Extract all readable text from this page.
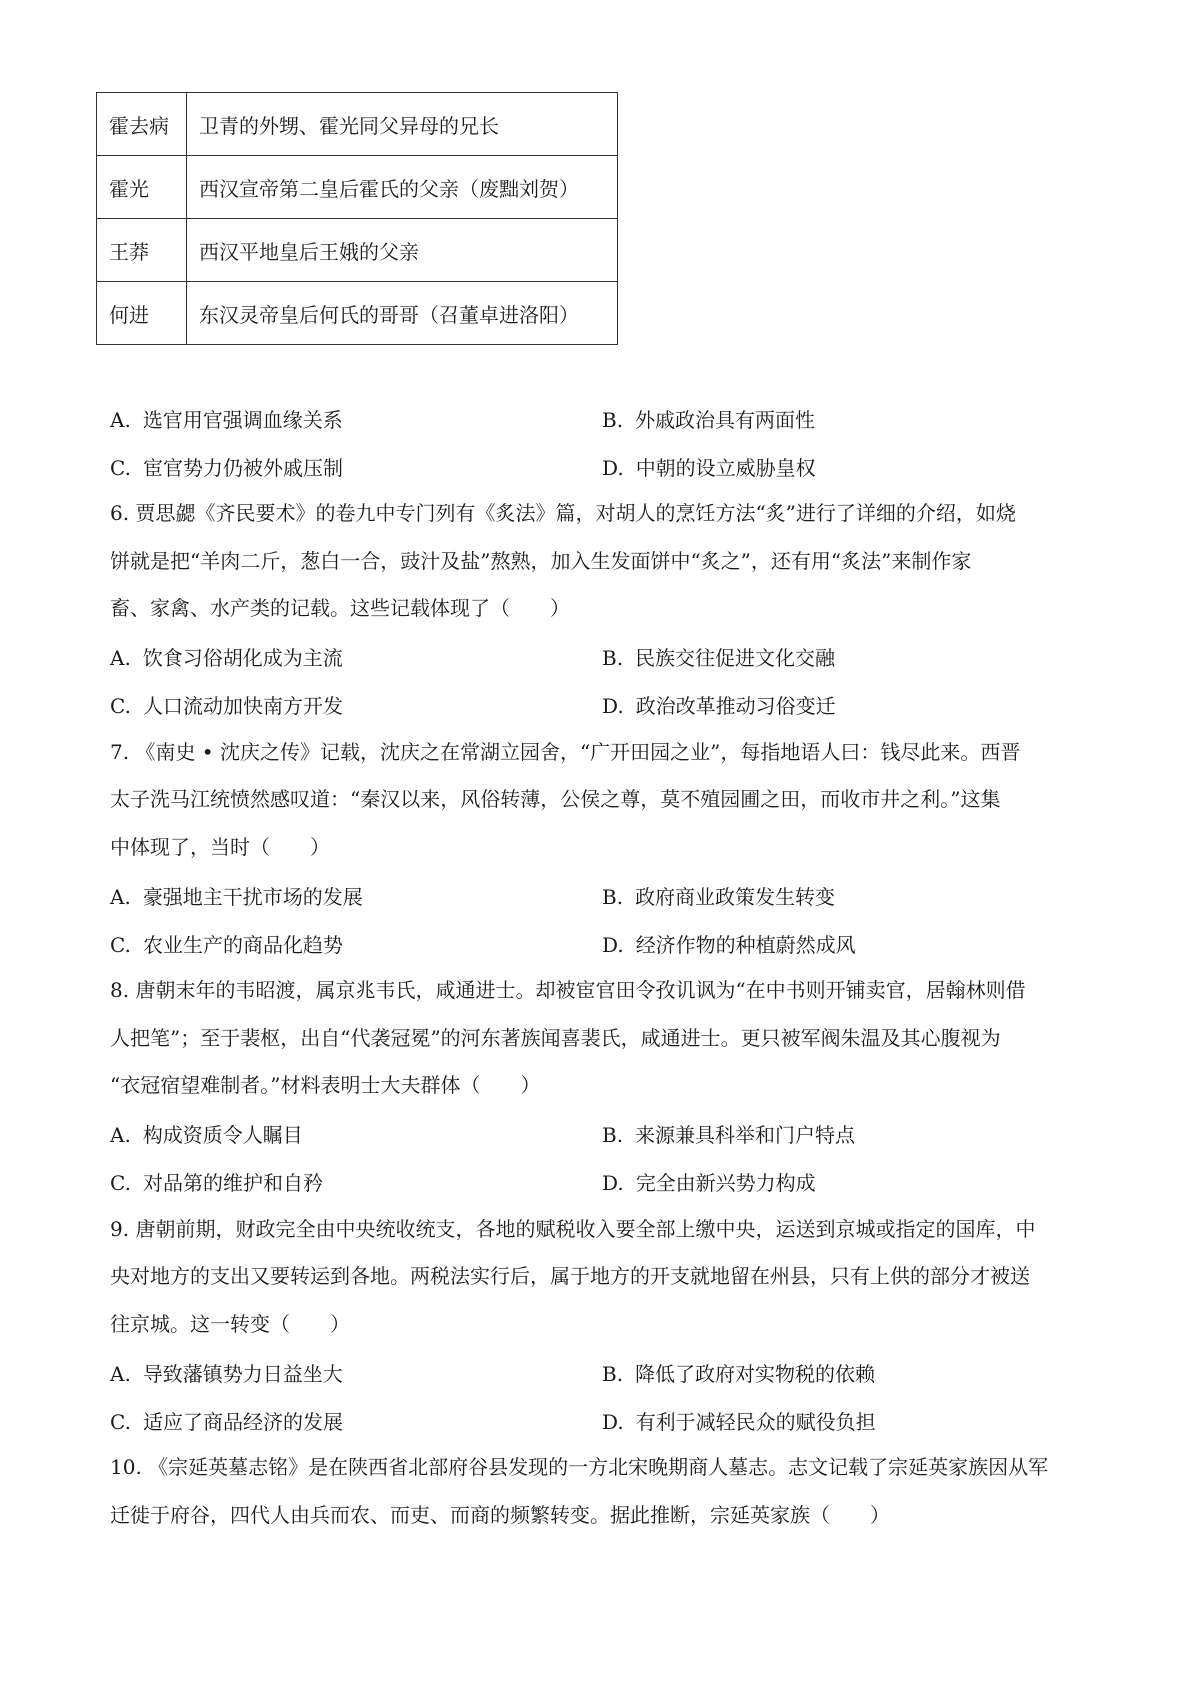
霍去病	卫青的外甥、霍光同父异母的兄长
霍光	西汉宣帝第二皇后霍氏的父亲（废黜刘贺）
王莽	西汉平地皇后王娥的父亲
何进	东汉灵帝皇后何氏的哥哥（召董卓进洛阳）
A. 选官用官强调血缘关系	B. 外戚政治具有两面性
C. 宦官势力仍被外戚压制	D. 中朝的设立威胁皇权
6. 贾思勰《齐民要术》的卷九中专门列有《炙法》篇，对胡人的烹饪方法“炙”进行了详细的介绍，如烧
饼就是把“羊肉二斤，葱白一合，豉汁及盐”熬熟，加入生发面饼中“炙之”，还有用“炙法”来制作家
畜、家禽、水产类的记载。这些记载体现了（　　）
A. 饮食习俗胡化成为主流	B. 民族交往促进文化交融
C. 人口流动加快南方开发	D. 政治改革推动习俗变迁
7. 《南史 • 沈庆之传》记载，沈庆之在常湖立园舍，“广开田园之业”，每指地语人曰：钱尽此来。西晋
太子洗马江统愤然感叹道：“秦汉以来，风俗转薄，公侯之尊，莫不殖园圃之田，而收市井之利。”这集
中体现了，当时（　　）
A. 豪强地主干扰市场的发展	B. 政府商业政策发生转变
C. 农业生产的商品化趋势	D. 经济作物的种植蔚然成风
8. 唐朝末年的韦昭渡，属京兆韦氏，咸通进士。却被宦官田令孜讥讽为“在中书则开铺卖官，居翰林则借
人把笔”；至于裴枢，出自“代袭冠冕”的河东著族闻喜裴氏，咸通进士。更只被军阀朱温及其心腹视为
“衣冠宿望难制者。”材料表明士大夫群体（　　）
A. 构成资质令人瞩目	B. 来源兼具科举和门户特点
C. 对品第的维护和自矜	D. 完全由新兴势力构成
9. 唐朝前期，财政完全由中央统收统支，各地的赋税收入要全部上缴中央，运送到京城或指定的国库，中
央对地方的支出又要转运到各地。两税法实行后，属于地方的开支就地留在州县，只有上供的部分才被送
往京城。这一转变（　　）
A. 导致藩镇势力日益坐大	B. 降低了政府对实物税的依赖
C. 适应了商品经济的发展	D. 有利于减轻民众的赋役负担
10. 《宗延英墓志铭》是在陕西省北部府谷县发现的一方北宋晚期商人墓志。志文记载了宗延英家族因从军
迁徙于府谷，四代人由兵而农、而吏、而商的频繁转变。据此推断，宗延英家族（　　）
